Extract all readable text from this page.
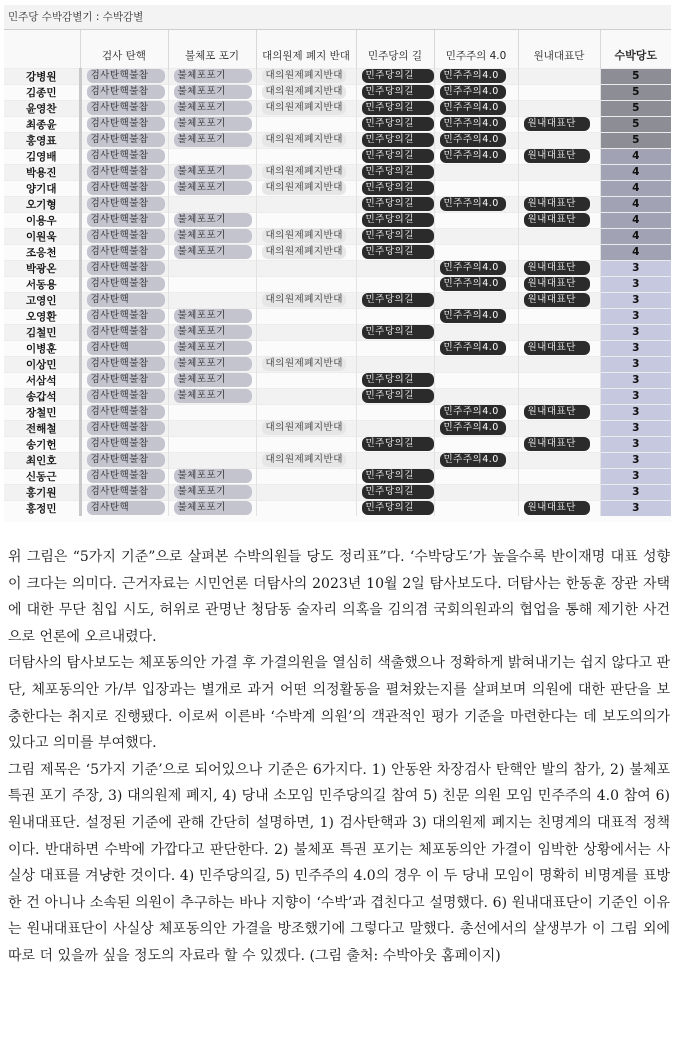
민주당 수박감별기 : 수박감별
	검사 탄핵	불체포 포기	대의원제 폐지 반대	민주당의 길	민주주의 4.0	원내대표단	수박당도
강병원	검사탄핵불참	불체포포기	대의원제폐지반대	민주당의길	민주주의4.0		5
김종민	검사탄핵불참	불체포포기	대의원제폐지반대	민주당의길	민주주의4.0		5
윤영찬	검사탄핵불참	불체포포기	대의원제폐지반대	민주당의길	민주주의4.0		5
최종윤	검사탄핵불참	불체포포기		민주당의길	민주주의4.0	원내대표단	5
홍영표	검사탄핵불참	불체포포기	대의원제폐지반대	민주당의길	민주주의4.0		5
김영배	검사탄핵불참			민주당의길	민주주의4.0	원내대표단	4
박용진	검사탄핵불참	불체포포기	대의원제폐지반대	민주당의길			4
양기대	검사탄핵불참	불체포포기	대의원제폐지반대	민주당의길			4
오기형	검사탄핵불참			민주당의길	민주주의4.0	원내대표단	4
이용우	검사탄핵불참	불체포포기		민주당의길		원내대표단	4
이원욱	검사탄핵불참	불체포포기	대의원제폐지반대	민주당의길			4
조응천	검사탄핵불참	불체포포기	대의원제폐지반대	민주당의길			4
박광온	검사탄핵불참				민주주의4.0	원내대표단	3
서동용	검사탄핵불참				민주주의4.0	원내대표단	3
고영인	검사탄핵		대의원제폐지반대	민주당의길		원내대표단	3
오영환	검사탄핵불참	불체포포기			민주주의4.0		3
김철민	검사탄핵불참	불체포포기		민주당의길			3
이병훈	검사탄핵	불체포포기			민주주의4.0	원내대표단	3
이상민	검사탄핵불참	불체포포기	대의원제폐지반대				3
서삼석	검사탄핵불참	불체포포기		민주당의길			3
송갑석	검사탄핵불참	불체포포기		민주당의길			3
장철민	검사탄핵불참				민주주의4.0	원내대표단	3
전해철	검사탄핵불참		대의원제폐지반대		민주주의4.0		3
송기헌	검사탄핵불참			민주당의길		원내대표단	3
최인호	검사탄핵불참		대의원제폐지반대		민주주의4.0		3
신동근	검사탄핵불참	불체포포기		민주당의길			3
홍기원	검사탄핵불참	불체포포기		민주당의길			3
홍정민	검사탄핵	불체포포기		민주당의길		원내대표단	3

위 그림은 “5가지 기준”으로 살펴본 수박의원들 당도 정리표”다. ‘수박당도’가 높을수록 반이재명 대표 성향이 크다는 의미다. 근거자료는 시민언론 더탐사의 2023년 10월 2일 탐사보도다. 더탐사는 한동훈 장관 자택에 대한 무단 침입 시도, 허위로 관명난 청담동 술자리 의혹을 김의겸 국회의원과의 협업을 통해 제기한 사건으로 언론에 오르내렸다.

더탐사의 탐사보도는 체포동의안 가결 후 가결의원을 열심히 색출했으나 정확하게 밝혀내기는 쉽지 않다고 판단, 체포동의안 가/부 입장과는 별개로 과거 어떤 의정활동을 펼쳐왔는지를 살펴보며 의원에 대한 판단을 보충한다는 취지로 진행됐다. 이로써 이른바 ‘수박계 의원’의 객관적인 평가 기준을 마련한다는 데 보도의의가 있다고 의미를 부여했다.

그림 제목은 ‘5가지 기준’으로 되어있으나 기준은 6가지다. 1) 안동완 차장검사 탄핵안 발의 참가, 2) 불체포 특권 포기 주장, 3) 대의원제 폐지, 4) 당내 소모임 민주당의길 참여 5) 친문 의원 모임 민주주의 4.0 참여 6) 원내대표단. 설정된 기준에 관해 간단히 설명하면, 1) 검사탄핵과 3) 대의원제 폐지는 친명계의 대표적 정책이다. 반대하면 수박에 가깝다고 판단한다. 2) 불체포 특권 포기는 체포동의안 가결이 임박한 상황에서는 사실상 대표를 겨냥한 것이다. 4) 민주당의길, 5) 민주주의 4.0의 경우 이 두 당내 모임이 명확히 비명계를 표방한 건 아니나 소속된 의원이 추구하는 바나 지향이 ‘수박’과 겹친다고 설명했다. 6) 원내대표단이 기준인 이유는 원내대표단이 사실상 체포동의안 가결을 방조했기에 그렇다고 말했다. 총선에서의 살생부가 이 그림 외에 따로 더 있을까 싶을 정도의 자료라 할 수 있겠다. (그림 출처: 수박아웃 홈페이지)
